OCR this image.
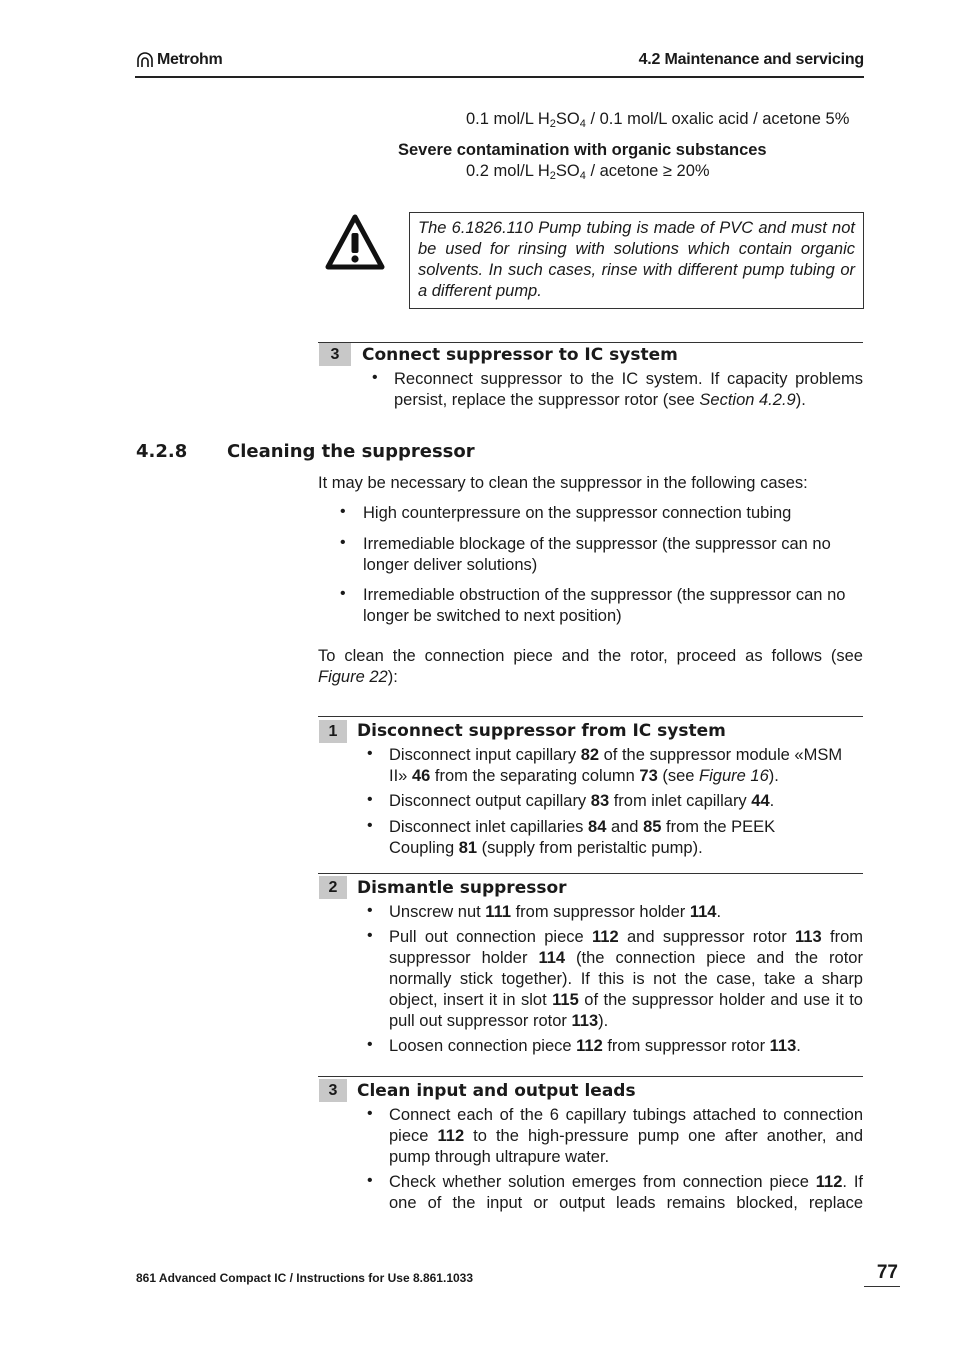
Metrohm	4.2 Maintenance and servicing
0.1 mol/L $H_2SO_4 / 0.1$ mol/L oxalic acid / acetone 5%
Severe contamination with organic substances
0.2 mol/L $H_2SO_4$ / acetone ≥ 20%
The 6.1826.110 Pump tubing is made of PVC and must not be used for rinsing with solutions which contain organic solvents. In such cases, rinse with different pump tubing or a different pump.
3	Connect suppressor to IC system
• Reconnect suppressor to the IC system. If capacity problems persist, replace the suppressor rotor (see Section 4.2.9).
4.2.8 Cleaning the suppressor
It may be necessary to clean the suppressor in the following cases:
• High counterpressure on the suppressor connection tubing
• Irremediable blockage of the suppressor (the suppressor can no longer deliver solutions)
• Irremediable obstruction of the suppressor (the suppressor can no longer be switched to next position)
To clean the connection piece and the rotor, proceed as follows (see Figure 22):
1	Disconnect suppressor from IC system
• Disconnect input capillary 82 of the suppressor module «MSM II» 46 from the separating column 73 (see Figure 16).
• Disconnect output capillary 83 from inlet capillary 44.
• Disconnect inlet capillaries 84 and 85 from the PEEK Coupling 81 (supply from peristaltic pump).
2	Dismantle suppressor
• Unscrew nut 111 from suppressor holder 114.
• Pull out connection piece 112 and suppressor rotor 113 from suppressor holder 114 (the connection piece and the rotor normally stick together). If this is not the case, take a sharp object, insert it in slot 115 of the suppressor holder and use it to pull out suppressor rotor 113).
• Loosen connection piece 112 from suppressor rotor 113.
3	Clean input and output leads
• Connect each of the 6 capillary tubings attached to connection piece 112 to the high-pressure pump one after another, and pump through ultrapure water.
• Check whether solution emerges from connection piece 112. If one of the input or output leads remains blocked, replace
861 Advanced Compact IC / Instructions for Use 8.861.1033	77
